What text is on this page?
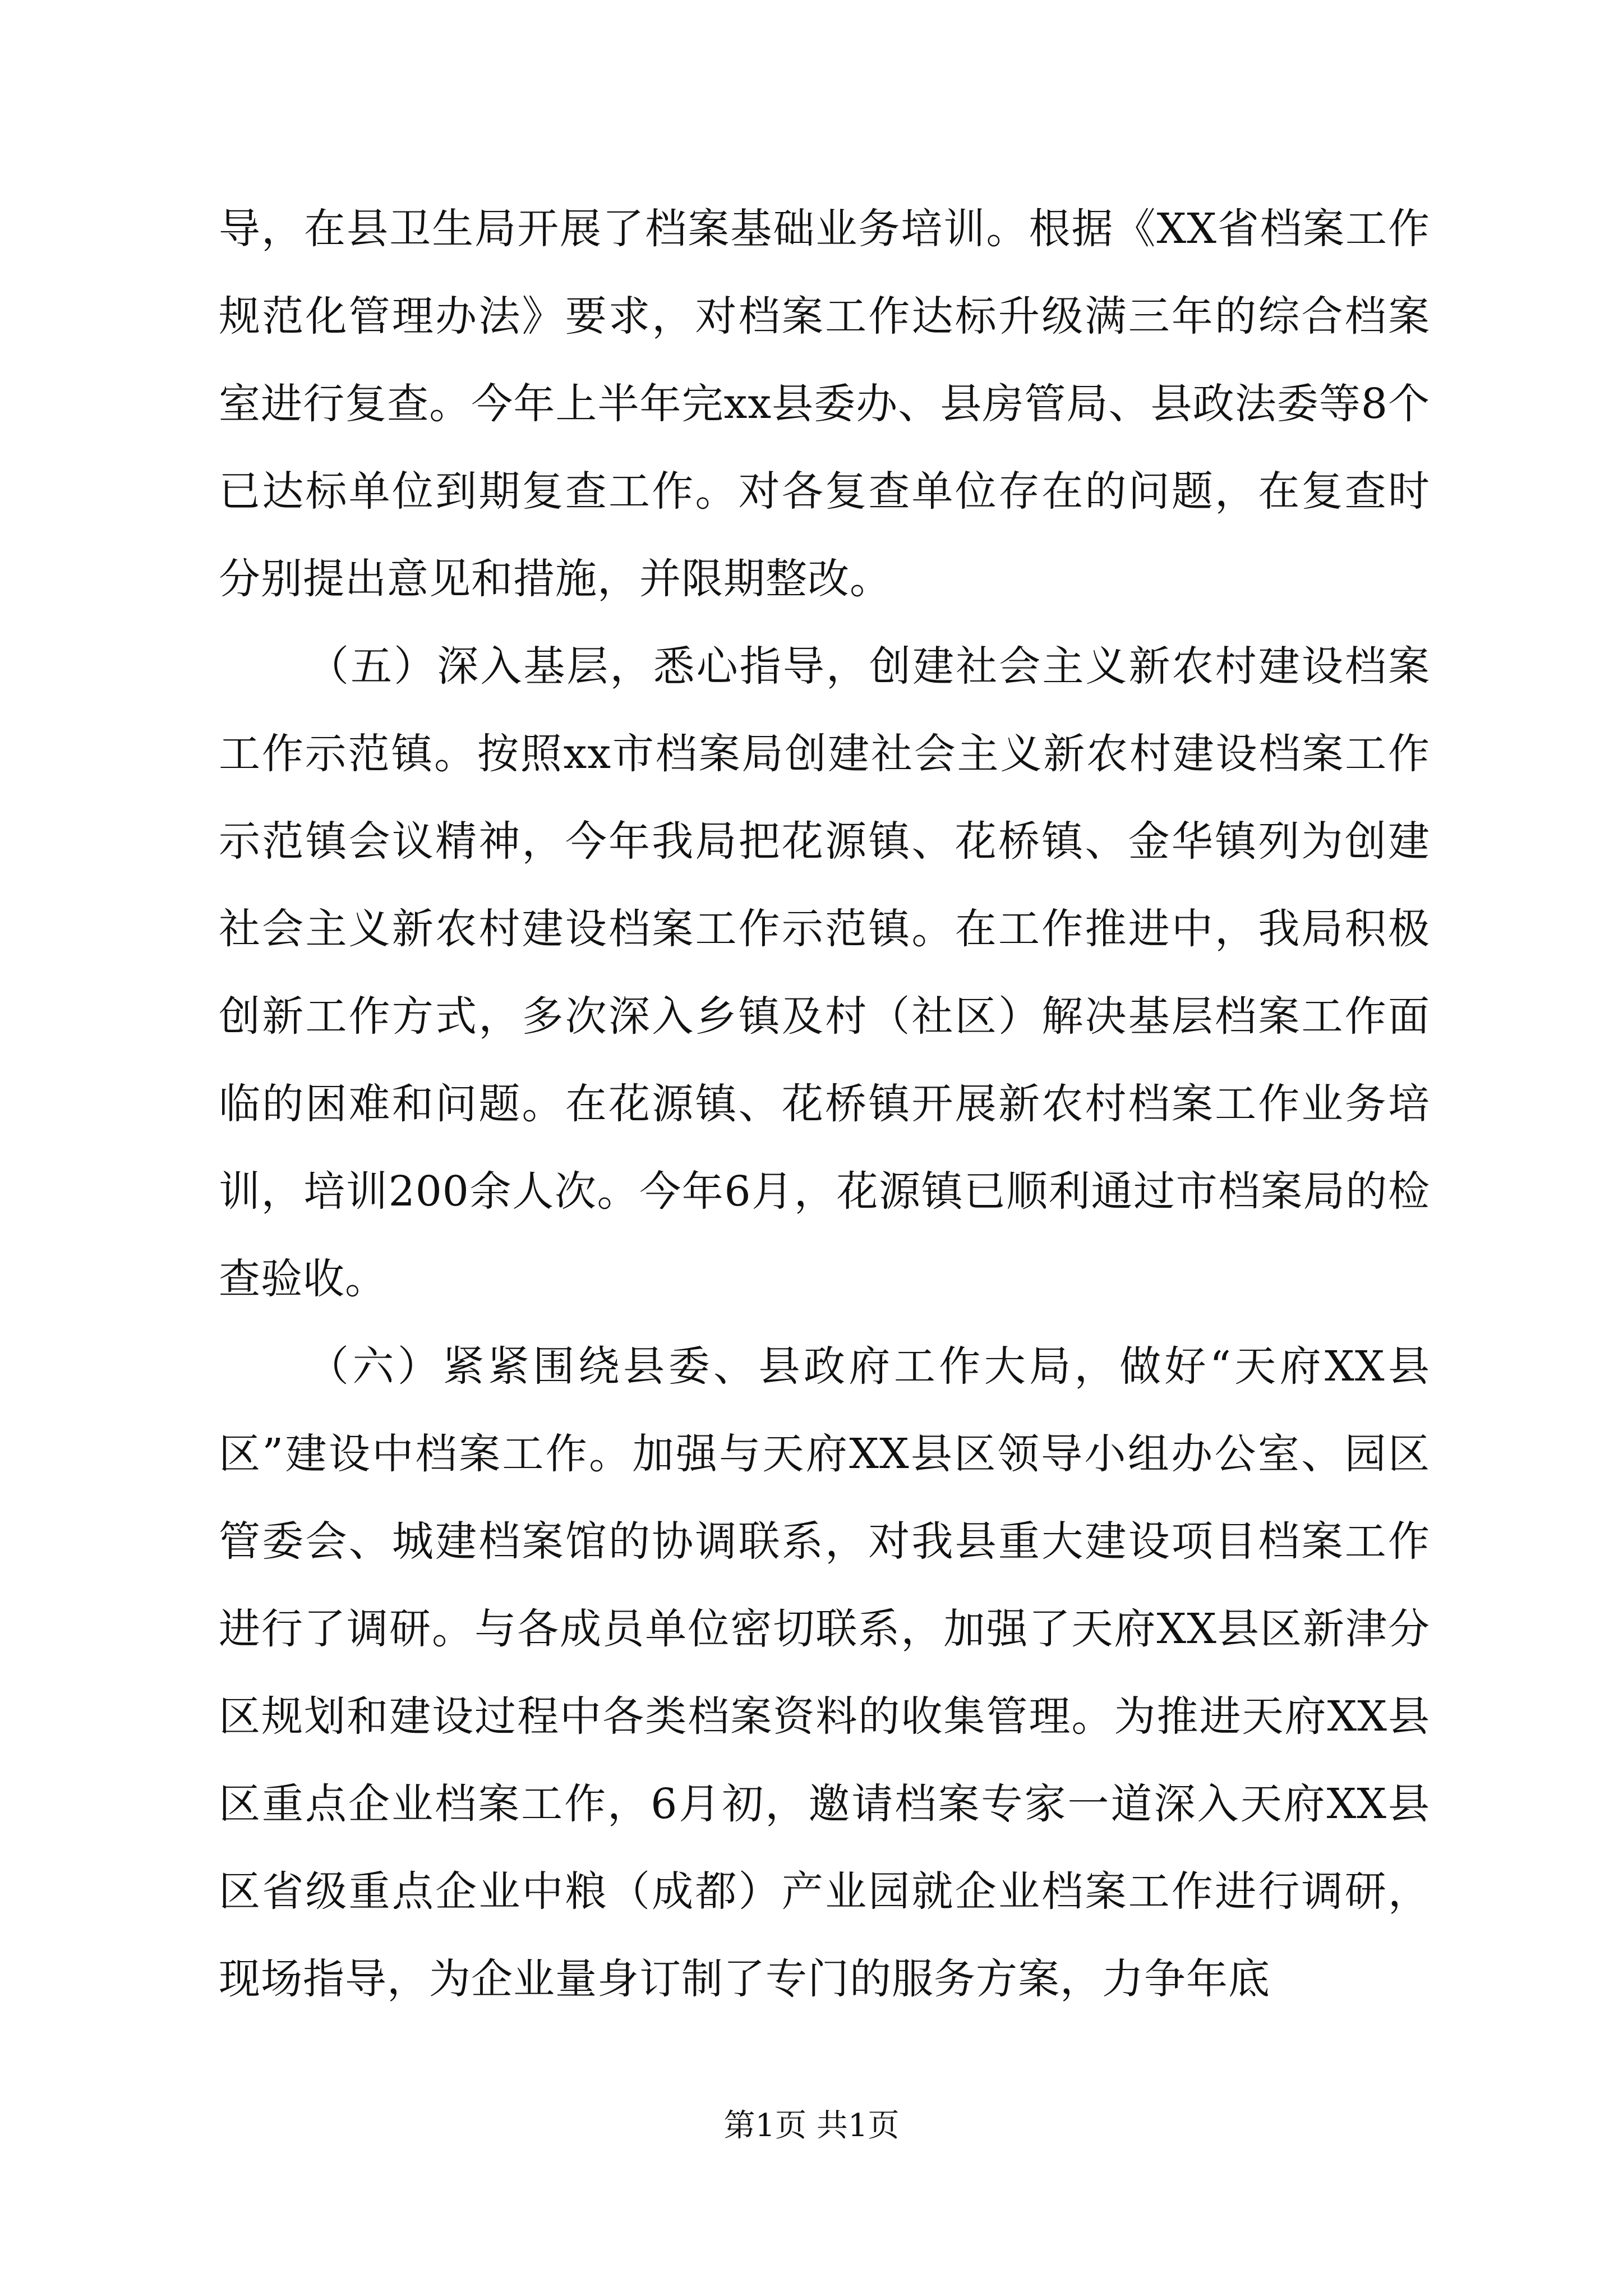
导，在县卫生局开展了档案基础业务培训。根据《XX省档案工作规范化管理办法》要求，对档案工作达标升级满三年的综合档案室进行复查。今年上半年完xx县委办、县房管局、县政法委等8个已达标单位到期复查工作。对各复查单位存在的问题，在复查时分别提出意见和措施，并限期整改。

（五）深入基层，悉心指导，创建社会主义新农村建设档案工作示范镇。按照xx市档案局创建社会主义新农村建设档案工作示范镇会议精神，今年我局把花源镇、花桥镇、金华镇列为创建社会主义新农村建设档案工作示范镇。在工作推进中，我局积极创新工作方式，多次深入乡镇及村（社区）解决基层档案工作面临的困难和问题。在花源镇、花桥镇开展新农村档案工作业务培训，培训200余人次。今年6月，花源镇已顺利通过市档案局的检查验收。

（六）紧紧围绕县委、县政府工作大局，做好“天府XX县区”建设中档案工作。加强与天府XX县区领导小组办公室、园区管委会、城建档案馆的协调联系，对我县重大建设项目档案工作进行了调研。与各成员单位密切联系，加强了天府XX县区新津分区规划和建设过程中各类档案资料的收集管理。为推进天府XX县区重点企业档案工作，6月初，邀请档案专家一道深入天府XX县区省级重点企业中粮（成都）产业园就企业档案工作进行调研，现场指导，为企业量身订制了专门的服务方案，力争年底

第1页 共1页
